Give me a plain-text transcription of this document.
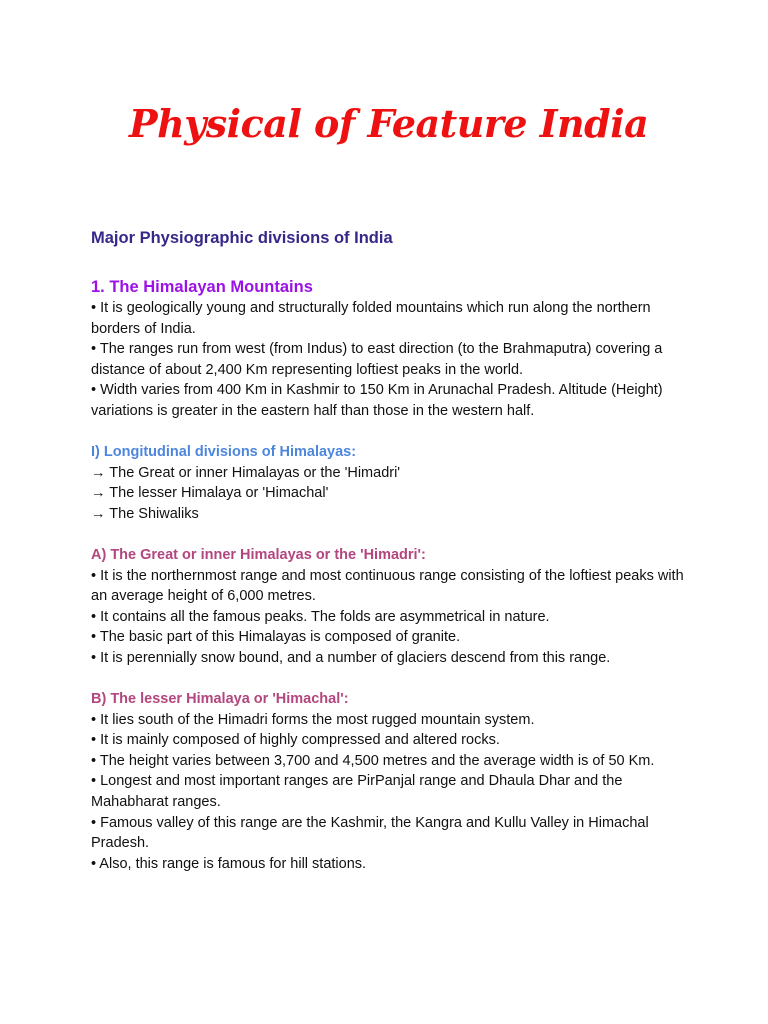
Physical of Feature India
Major Physiographic divisions of India
1. The Himalayan Mountains
• It is geologically young and structurally folded mountains which run along the northern borders of India.
• The ranges run from west (from Indus) to east direction (to the Brahmaputra) covering a distance of about 2,400 Km representing loftiest peaks in the world.
• Width varies from 400 Km in Kashmir to 150 Km in Arunachal Pradesh. Altitude (Height) variations is greater in the eastern half than those in the western half.
I) Longitudinal divisions of Himalayas:
→ The Great or inner Himalayas or the 'Himadri'
→ The lesser Himalaya or 'Himachal'
→ The Shiwaliks
A) The Great or inner Himalayas or the 'Himadri':
• It is the northernmost range and most continuous range consisting of the loftiest peaks with an average height of 6,000 metres.
• It contains all the famous peaks. The folds are asymmetrical in nature.
• The basic part of this Himalayas is composed of granite.
• It is perennially snow bound, and a number of glaciers descend from this range.
B) The lesser Himalaya or 'Himachal':
• It lies south of the Himadri forms the most rugged mountain system.
• It is mainly composed of highly compressed and altered rocks.
• The height varies between 3,700 and 4,500 metres and the average width is of 50 Km.
• Longest and most important ranges are PirPanjal range and Dhaula Dhar and the Mahabharat ranges.
• Famous valley of this range are the Kashmir, the Kangra and Kullu Valley in Himachal Pradesh.
• Also, this range is famous for hill stations.
